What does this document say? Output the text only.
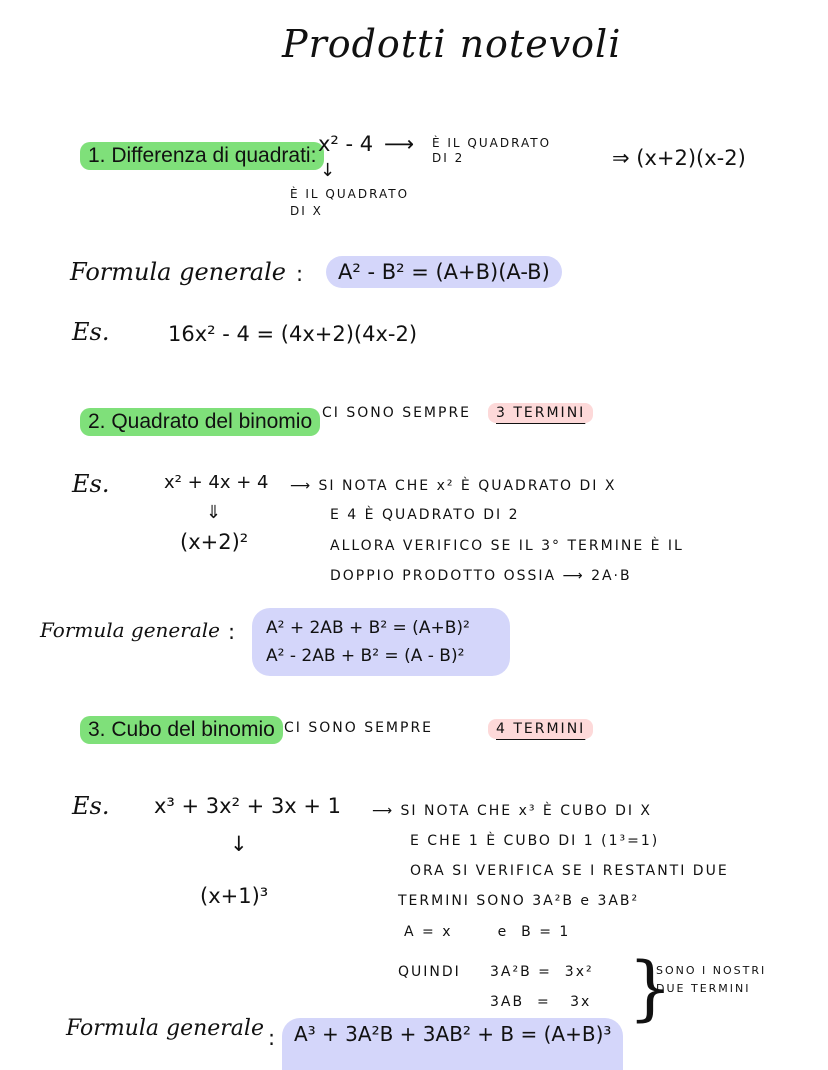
Prodotti notevoli
1. Differenza di quadrati: x² - 4 ⟶ È IL QUADRATO
DI 2
↓
È IL QUADRATO
DI X
⇒ (x+2)(x-2)
Formula generale :	A² - B² = (A+B)(A-B)
Es.	16x² - 4 = (4x+2)(4x-2)
2. Quadrato del binomio CI SONO SEMPRE	3 TERMINI
Es.	x² + 4x + 4
⇓
(x+2)²
⟶ SI NOTA CHE x² È QUADRATO DI X
E 4 È QUADRATO DI 2
ALLORA VERIFICO SE IL 3° TERMINE È IL
DOPPIO PRODOTTO OSSIA ⟶ 2A·B
Formula generale : A² + 2AB + B² = (A+B)²
A² - 2AB + B² = (A - B)²
3. Cubo del binomio CI SONO SEMPRE	4 TERMINI
Es. x³ + 3x² + 3x + 1
↓
(x+1)³
⟶ SI NOTA CHE x³ È CUBO DI X
E CHE 1 È CUBO DI 1 (1³=1)
ORA SI VERIFICA SE I RESTANTI DUE
TERMINI SONO 3A²B e 3AB²
A = x       e  B = 1
QUINDI 3A²B =  3x²
3AB  =   3x }
SONO I NOSTRI
DUE TERMINI
Formula generale : A³ + 3A²B + 3AB² + B = (A+B)³
